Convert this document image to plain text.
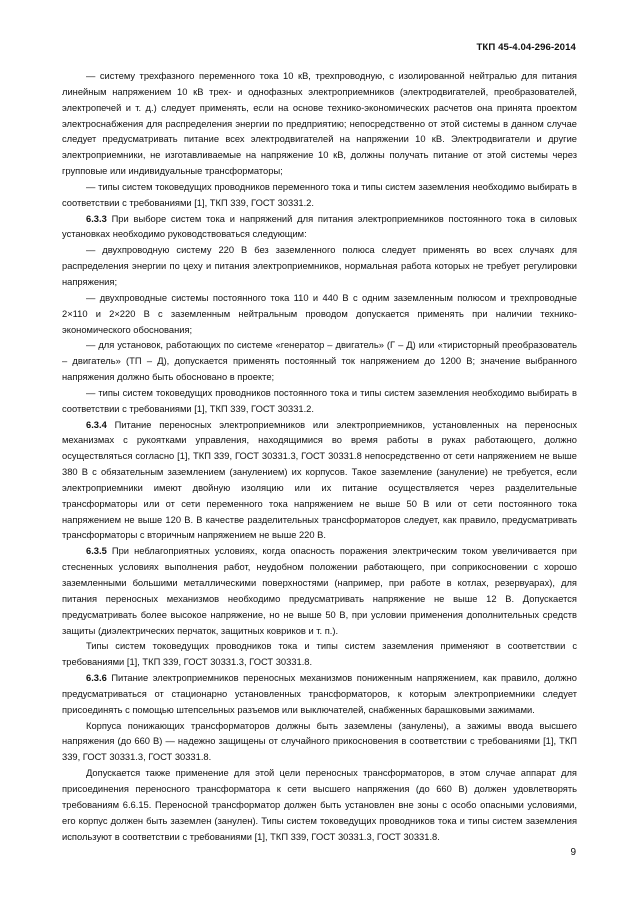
ТКП 45-4.04-296-2014

— систему трехфазного переменного тока 10 кВ, трехпроводную, с изолированной нейтралью для питания линейным напряжением 10 кВ трех- и однофазных электроприемников (электродвигателей, преобразователей, электропечей и т. д.) следует применять, если на основе технико-экономических расчетов она принята проектом электроснабжения для распределения энергии по предприятию; непосредственно от этой системы в данном случае следует предусматривать питание всех электродвигателей на напряжении 10 кВ. Электродвигатели и другие электроприемники, не изготавливаемые на напряжение 10 кВ, должны получать питание от этой системы через групповые или индивидуальные трансформаторы;

— типы систем токоведущих проводников переменного тока и типы систем заземления необходимо выбирать в соответствии с требованиями [1], ТКП 339, ГОСТ 30331.2.

6.3.3 При выборе систем тока и напряжений для питания электроприемников постоянного тока в силовых установках необходимо руководствоваться следующим:

— двухпроводную систему 220 В без заземленного полюса следует применять во всех случаях для распределения энергии по цеху и питания электроприемников, нормальная работа которых не требует регулировки напряжения;

— двухпроводные системы постоянного тока 110 и 440 В с одним заземленным полюсом и трехпроводные 2×110 и 2×220 В с заземленным нейтральным проводом допускается применять при наличии технико-экономического обоснования;

— для установок, работающих по системе «генератор – двигатель» (Г – Д) или «тиристорный преобразователь – двигатель» (ТП – Д), допускается применять постоянный ток напряжением до 1200 В; значение выбранного напряжения должно быть обосновано в проекте;

— типы систем токоведущих проводников постоянного тока и типы систем заземления необходимо выбирать в соответствии с требованиями [1], ТКП 339, ГОСТ 30331.2.

6.3.4 Питание переносных электроприемников или электроприемников, установленных на переносных механизмах с рукоятками управления, находящимися во время работы в руках работающего, должно осуществляться согласно [1], ТКП 339, ГОСТ 30331.3, ГОСТ 30331.8 непосредственно от сети напряжением не выше 380 В с обязательным заземлением (занулением) их корпусов. Такое заземление (зануление) не требуется, если электроприемники имеют двойную изоляцию или их питание осуществляется через разделительные трансформаторы или от сети переменного тока напряжением не выше 50 В или от сети постоянного тока напряжением не выше 120 В. В качестве разделительных трансформаторов следует, как правило, предусматривать трансформаторы с вторичным напряжением не выше 220 В.

6.3.5 При неблагоприятных условиях, когда опасность поражения электрическим током увеличивается при стесненных условиях выполнения работ, неудобном положении работающего, при соприкосновении с хорошо заземленными большими металлическими поверхностями (например, при работе в котлах, резервуарах), для питания переносных механизмов необходимо предусматривать напряжение не выше 12 В. Допускается предусматривать более высокое напряжение, но не выше 50 В, при условии применения дополнительных средств защиты (диэлектрических перчаток, защитных ковриков и т. п.).

Типы систем токоведущих проводников тока и типы систем заземления применяют в соответствии с требованиями [1], ТКП 339, ГОСТ 30331.3, ГОСТ 30331.8.

6.3.6 Питание электроприемников переносных механизмов пониженным напряжением, как правило, должно предусматриваться от стационарно установленных трансформаторов, к которым электроприемники следует присоединять с помощью штепсельных разъемов или выключателей, снабженных барашковыми зажимами.

Корпуса понижающих трансформаторов должны быть заземлены (занулены), а зажимы ввода высшего напряжения (до 660 В) — надежно защищены от случайного прикосновения в соответствии с требованиями [1], ТКП 339, ГОСТ 30331.3, ГОСТ 30331.8.

Допускается также применение для этой цели переносных трансформаторов, в этом случае аппарат для присоединения переносного трансформатора к сети высшего напряжения (до 660 В) должен удовлетворять требованиям 6.6.15. Переносной трансформатор должен быть установлен вне зоны с особо опасными условиями, его корпус должен быть заземлен (занулен). Типы систем токоведущих проводников тока и типы систем заземления используют в соответствии с требованиями [1], ТКП 339, ГОСТ 30331.3, ГОСТ 30331.8.

9
